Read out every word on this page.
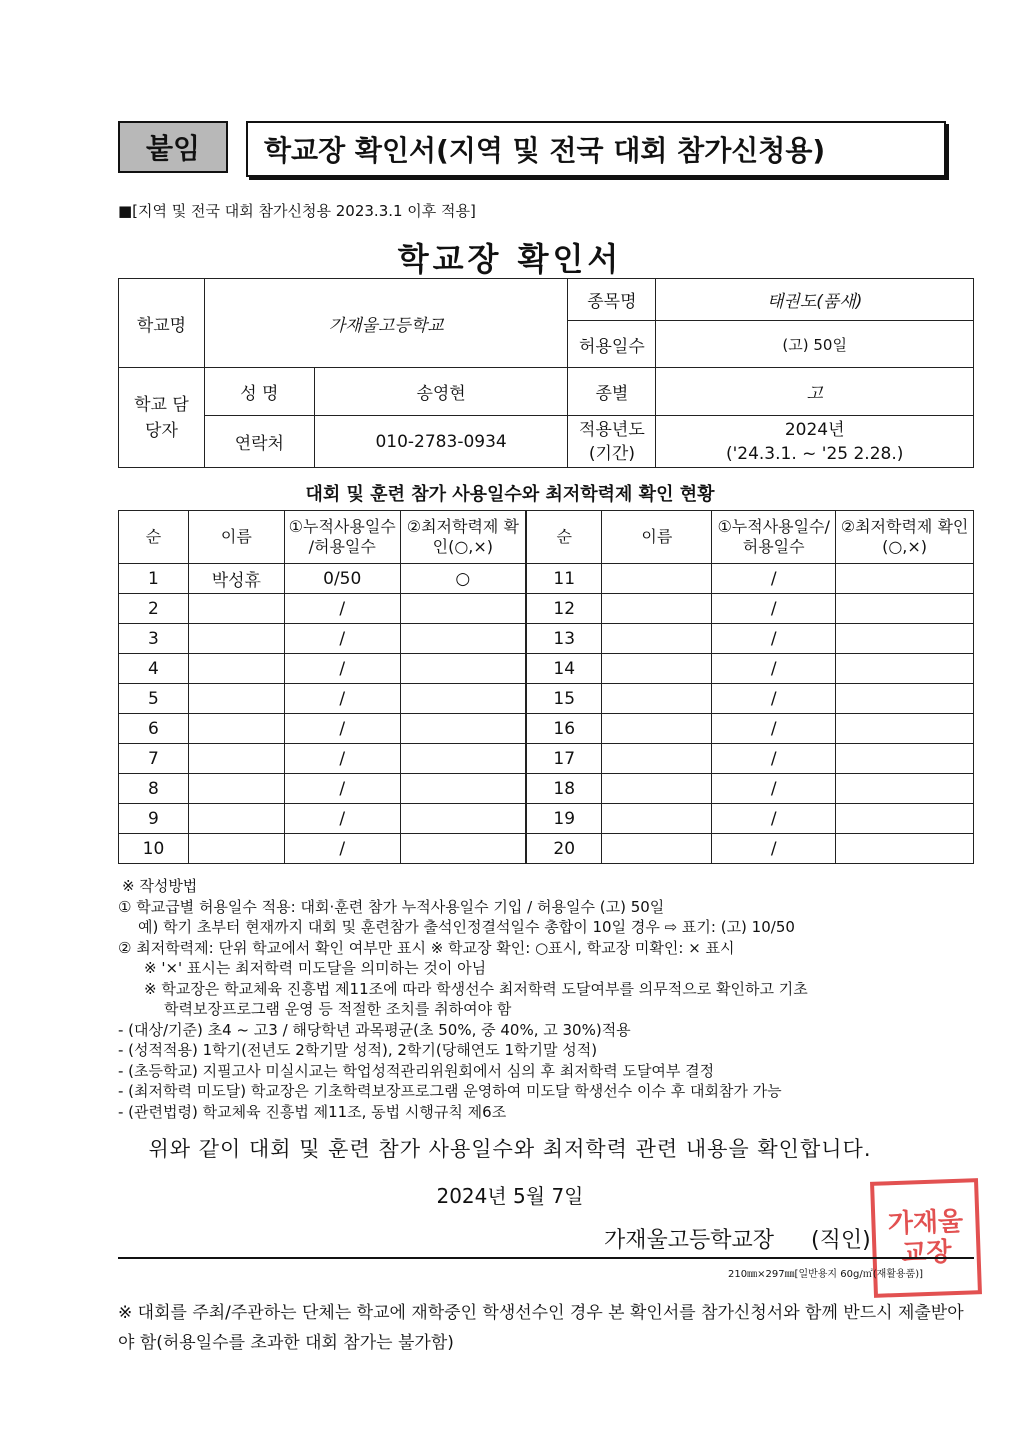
붙임	학교장 확인서(지역 및 전국 대회 참가신청용)
■[지역 및 전국 대회 참가신청용 2023.3.1 이후 적용]
학교장 확인서
학교명	가재울고등학교		종목명	태권도(품새)
			허용일수	(고) 50일
학교 담당자	성 명	송영현	종별	고
	연락처	010-2783-0934	적용년도 (기간)	2024년
('24.3.1. ~ '25 2.28.)
대회 및 훈련 참가 사용일수와 최저학력제 확인 현황
순	이름	①누적사용일수 /허용일수	②최저학력제 확인(○,×)	순	이름	①누적사용일수/ 허용일수	②최저학력제 확인(○,×)
1	박성휴	0/50	○	11		/	
2		/		12		/	
3		/		13		/	
4		/		14		/	
5		/		15		/	
6		/		16		/	
7		/		17		/	
8		/		18		/	
9		/		19		/	
10		/		20		/	
※ 작성방법
① 학교급별 허용일수 적용: 대회·훈련 참가 누적사용일수 기입 / 허용일수 (고) 50일
예) 학기 초부터 현재까지 대회 및 훈련참가 출석인정결석일수 총합이 10일 경우 ⇨ 표기: (고) 10/50
② 최저학력제: 단위 학교에서 확인 여부만 표시 ※ 학교장 확인: ○표시, 학교장 미확인: × 표시
※ '×' 표시는 최저학력 미도달을 의미하는 것이 아님
※ 학교장은 학교체육 진흥법 제11조에 따라 학생선수 최저학력 도달여부를 의무적으로 확인하고 기초
학력보장프로그램 운영 등 적절한 조치를 취하여야 함
- (대상/기준) 초4 ~ 고3 / 해당학년 과목평균(초 50%, 중 40%, 고 30%)적용
- (성적적용) 1학기(전년도 2학기말 성적), 2학기(당해연도 1학기말 성적)
- (초등학교) 지필고사 미실시교는 학업성적관리위원회에서 심의 후 최저학력 도달여부 결정
- (최저학력 미도달) 학교장은 기초학력보장프로그램 운영하여 미도달 학생선수 이수 후 대회참가 가능
- (관련법령) 학교체육 진흥법 제11조, 동법 시행규칙 제6조
위와 같이 대회 및 훈련 참가 사용일수와 최저학력 관련 내용을 확인합니다.
2024년 5월 7일
가재울고등학교장 (직인)
가재울 교장
210㎜×297㎜[일반용지 60g/㎡(재활용품)]
※ 대회를 주최/주관하는 단체는 학교에 재학중인 학생선수인 경우 본 확인서를 참가신청서와 함께 반드시 제출받아야 함(허용일수를 초과한 대회 참가는 불가함)
